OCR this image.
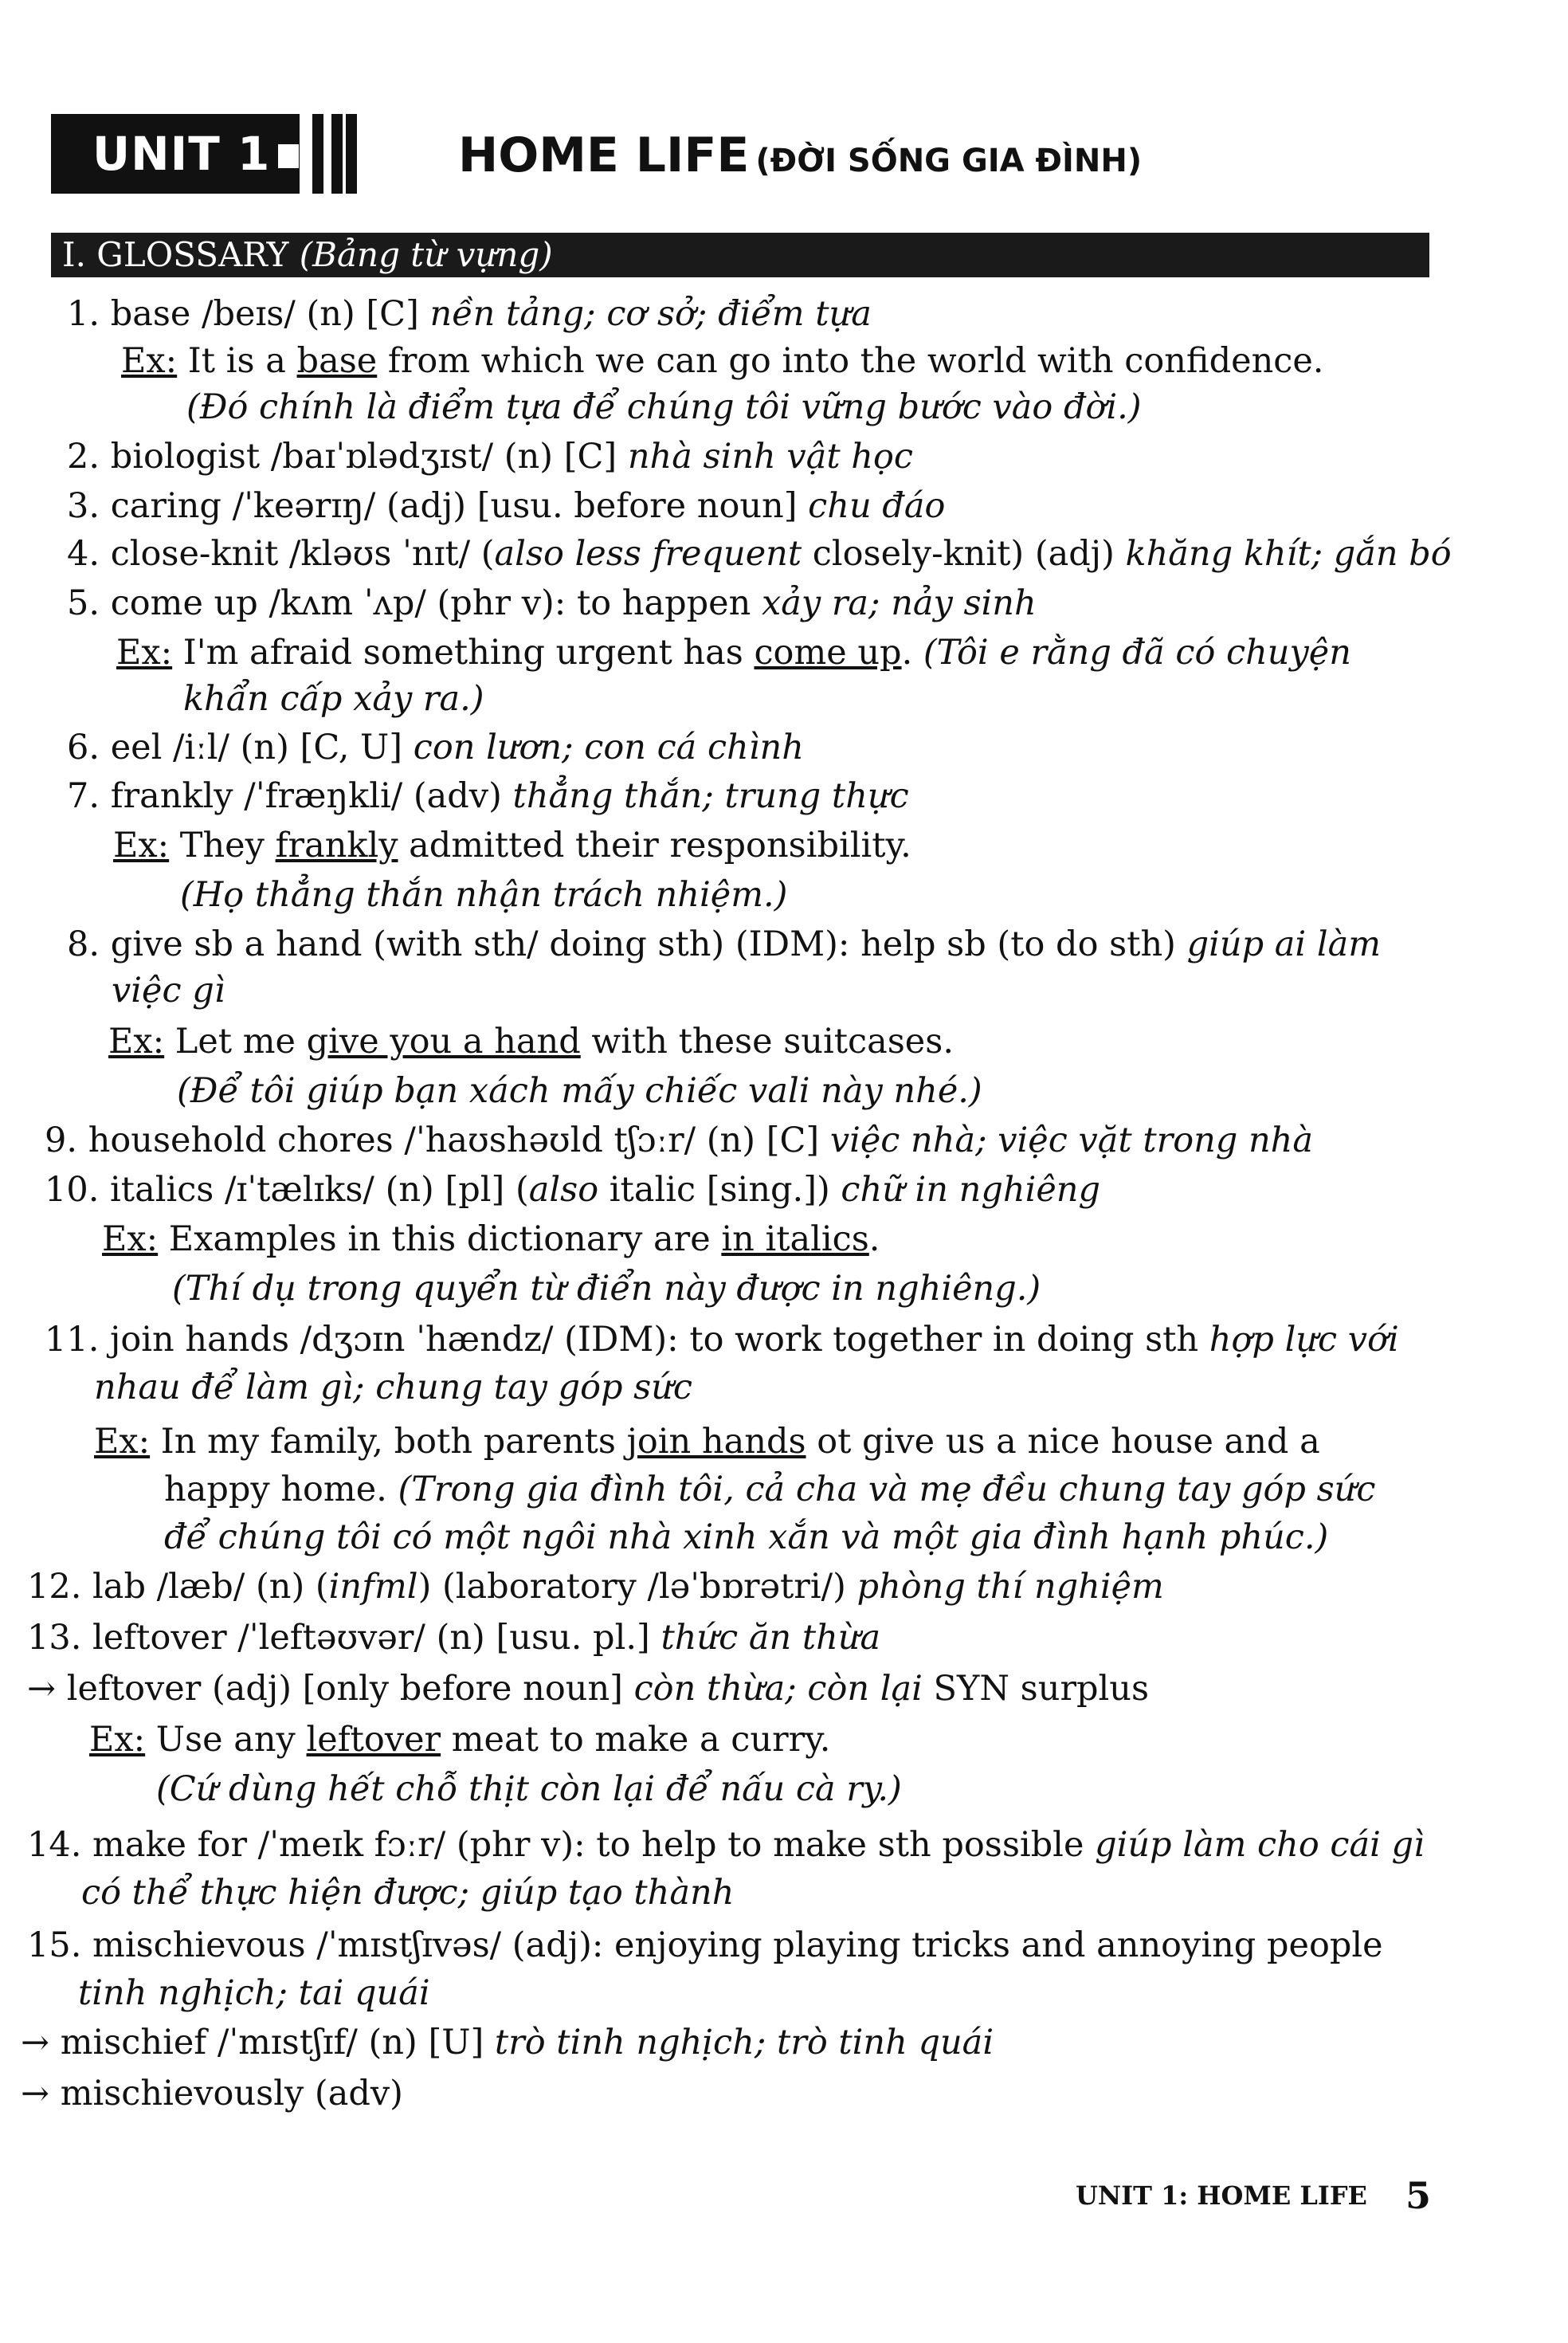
UNIT 1	HOME LIFE (ĐỜI SỐNG GIA ĐÌNH)
I. GLOSSARY (Bảng từ vựng)
1. base /beɪs/ (n) [C] nền tảng; cơ sở; điểm tựa
Ex: It is a base from which we can go into the world with confidence.
(Đó chính là điểm tựa để chúng tôi vững bước vào đời.)
2. biologist /baɪˈɒlədʒɪst/ (n) [C] nhà sinh vật học
3. caring /ˈkeərɪŋ/ (adj) [usu. before noun] chu đáo
4. close-knit /kləʊs ˈnɪt/ (also less frequent closely-knit) (adj) khăng khít; gắn bó
5. come up /kʌm ˈʌp/ (phr v): to happen xảy ra; nảy sinh
Ex: I'm afraid something urgent has come up. (Tôi e rằng đã có chuyện
khẩn cấp xảy ra.)
6. eel /iːl/ (n) [C, U] con lươn; con cá chình
7. frankly /ˈfræŋkli/ (adv) thẳng thắn; trung thực
Ex: They frankly admitted their responsibility.
(Họ thẳng thắn nhận trách nhiệm.)
8. give sb a hand (with sth/ doing sth) (IDM): help sb (to do sth) giúp ai làm
việc gì
Ex: Let me give you a hand with these suitcases.
(Để tôi giúp bạn xách mấy chiếc vali này nhé.)
9. household chores /ˈhaʊshəʊld tʃɔːr/ (n) [C] việc nhà; việc vặt trong nhà
10. italics /ɪˈtælɪks/ (n) [pl] (also italic [sing.]) chữ in nghiêng
Ex: Examples in this dictionary are in italics.
(Thí dụ trong quyển từ điển này được in nghiêng.)
11. join hands /dʒɔɪn ˈhændz/ (IDM): to work together in doing sth hợp lực với
nhau để làm gì; chung tay góp sức
Ex: In my family, both parents join hands ot give us a nice house and a
happy home. (Trong gia đình tôi, cả cha và mẹ đều chung tay góp sức
để chúng tôi có một ngôi nhà xinh xắn và một gia đình hạnh phúc.)
12. lab /læb/ (n) (infml) (laboratory /ləˈbɒrətri/) phòng thí nghiệm
13. leftover /ˈleftəʊvər/ (n) [usu. pl.] thức ăn thừa
→ leftover (adj) [only before noun] còn thừa; còn lại SYN surplus
Ex: Use any leftover meat to make a curry.
(Cứ dùng hết chỗ thịt còn lại để nấu cà ry.)
14. make for /ˈmeɪk fɔːr/ (phr v): to help to make sth possible giúp làm cho cái gì
có thể thực hiện được; giúp tạo thành
15. mischievous /ˈmɪstʃɪvəs/ (adj): enjoying playing tricks and annoying people
tinh nghịch; tai quái
→ mischief /ˈmɪstʃɪf/ (n) [U] trò tinh nghịch; trò tinh quái
→ mischievously (adv)
UNIT 1: HOME LIFE 5
